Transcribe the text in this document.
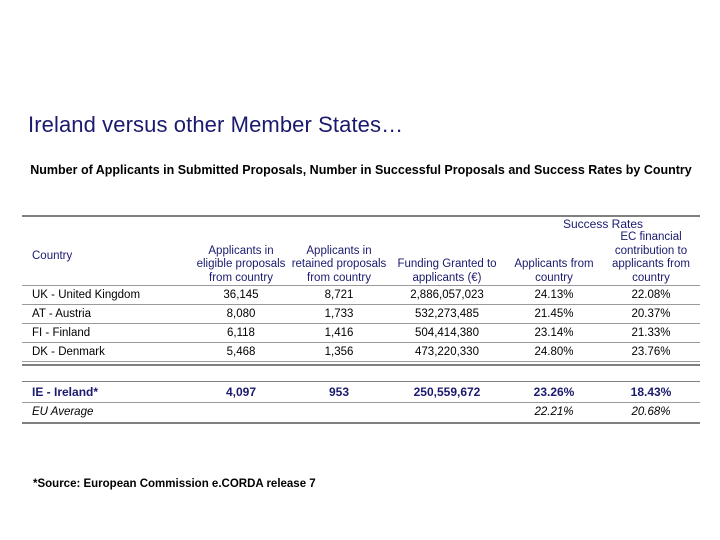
Ireland versus other Member States…
Number of Applicants in Submitted Proposals, Number in Successful Proposals and Success Rates by Country

				Success Rates	
Country	Applicants in eligible proposals from country	Applicants in retained proposals from country	Funding Granted to applicants (€)	Applicants from country	EC financial contribution to applicants from country
UK - United Kingdom	36,145	8,721	2,886,057,023	24.13%	22.08%
AT - Austria	8,080	1,733	532,273,485	21.45%	20.37%
FI - Finland	6,118	1,416	504,414,380	23.14%	21.33%
DK - Denmark	5,468	1,356	473,220,330	24.80%	23.76%

IE - Ireland*	4,097	953	250,559,672	23.26%	18.43%
EU Average				22.21%	20.68%
*Source: European Commission e.CORDA release 7
